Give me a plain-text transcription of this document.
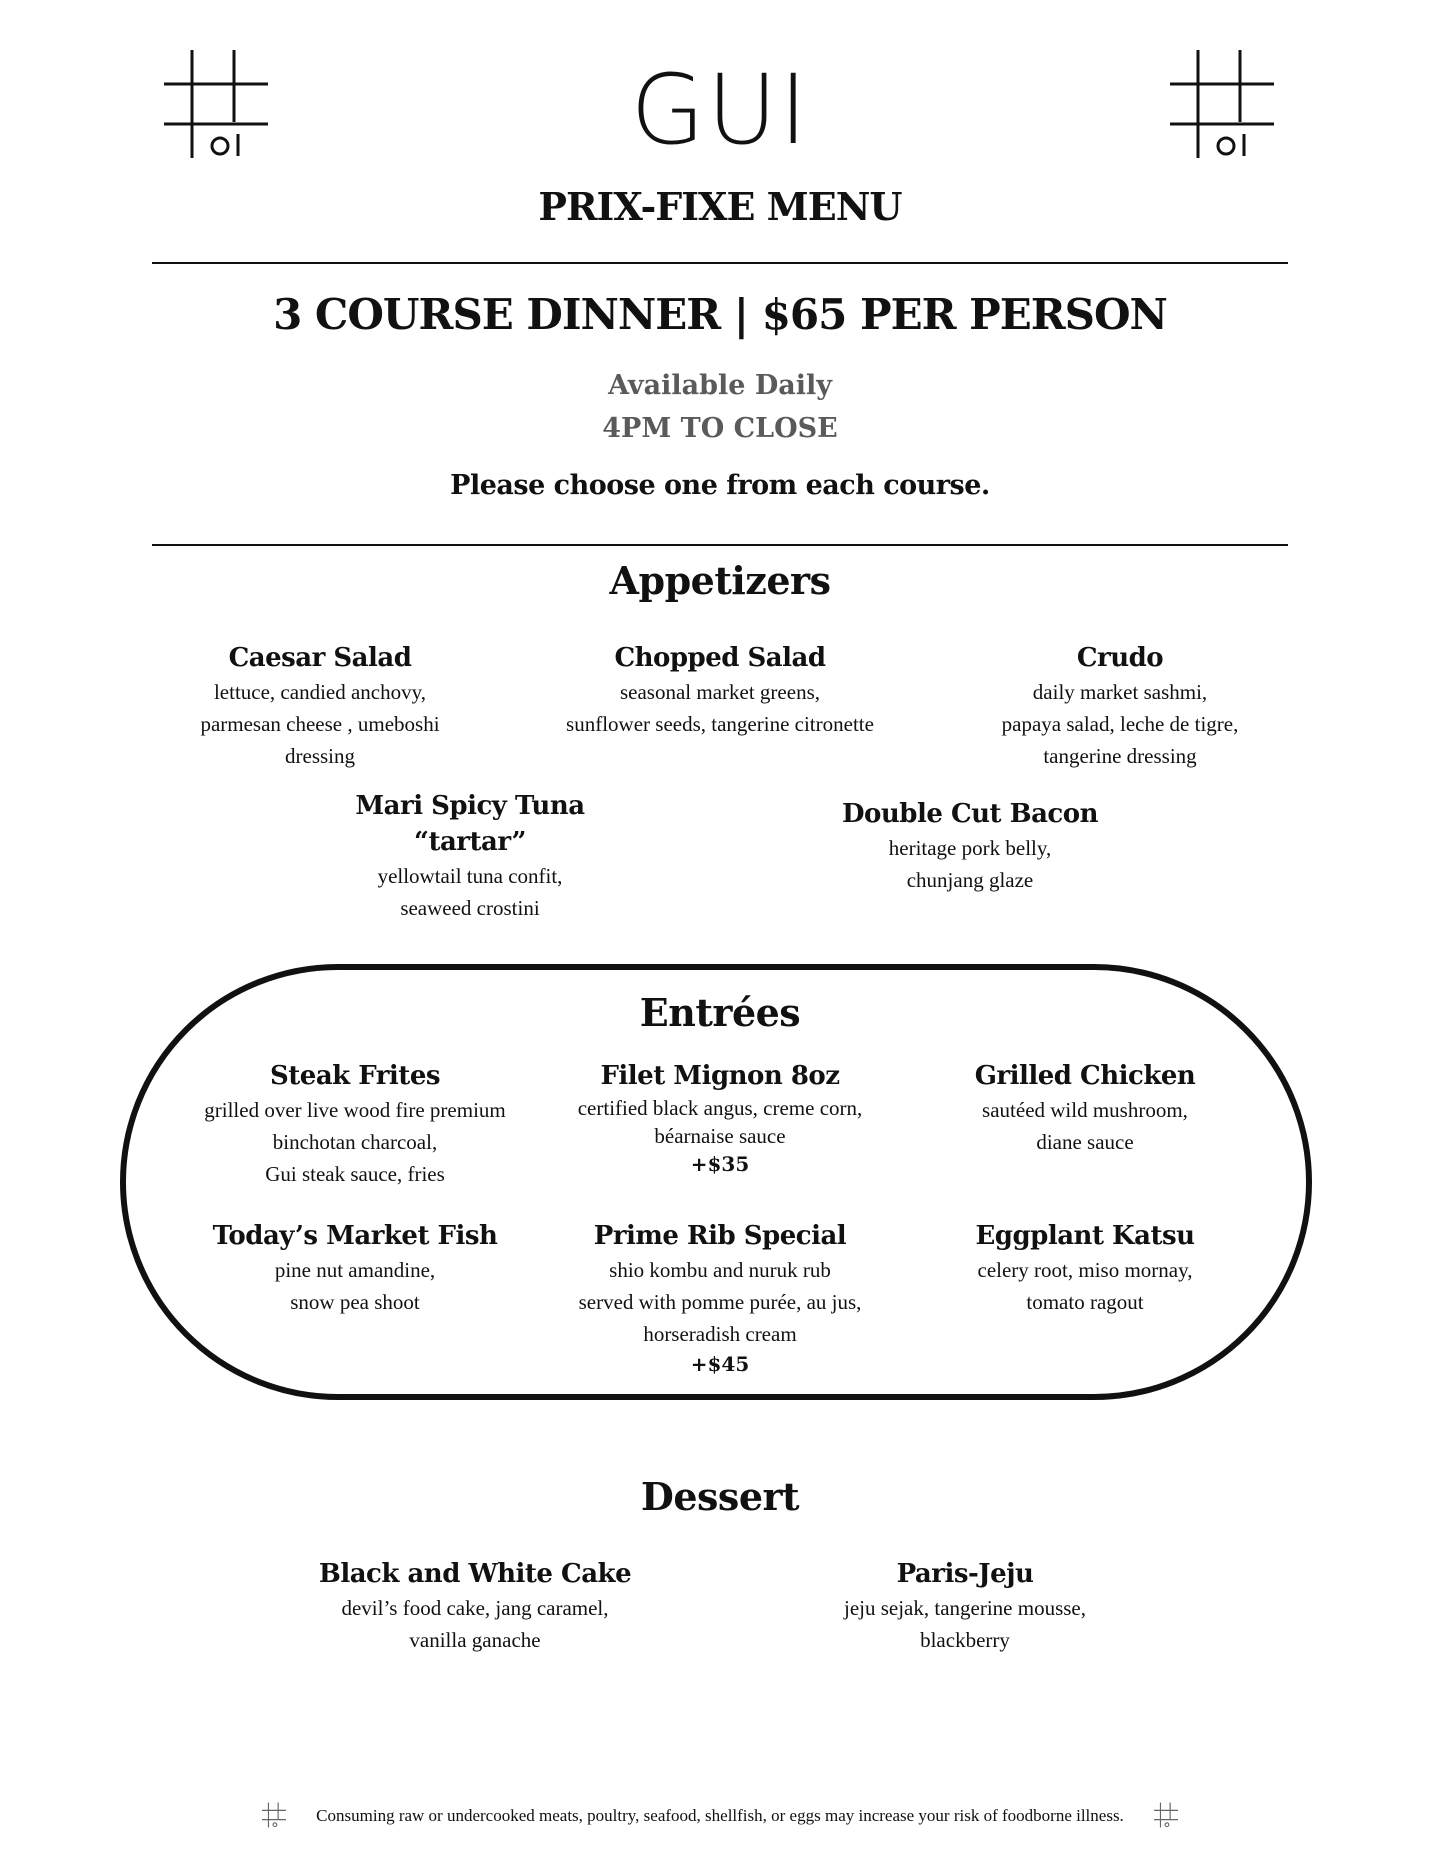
GUI
PRIX-FIXE MENU
3 COURSE DINNER | $65 PER PERSON
Available Daily
4PM TO CLOSE
Please choose one from each course.
Appetizers
Caesar Salad
lettuce, candied anchovy,
parmesan cheese , umeboshi
dressing
Chopped Salad
seasonal market greens,
sunflower seeds, tangerine citronette
Crudo
daily market sashmi,
papaya salad, leche de tigre,
tangerine dressing
Mari Spicy Tuna
“tartar”
yellowtail tuna confit,
seaweed crostini
Double Cut Bacon
heritage pork belly,
chunjang glaze
Entrées
Steak Frites
grilled over live wood fire premium
binchotan charcoal,
Gui steak sauce, fries
Filet Mignon 8oz
certified black angus, creme corn,
béarnaise sauce
+$35
Grilled Chicken
sautéed wild mushroom,
diane sauce
Today’s Market Fish
pine nut amandine,
snow pea shoot
Prime Rib Special
shio kombu and nuruk rub
served with pomme purée, au jus,
horseradish cream
+$45
Eggplant Katsu
celery root, miso mornay,
tomato ragout
Dessert
Black and White Cake
devil’s food cake, jang caramel,
vanilla ganache
Paris-Jeju
jeju sejak, tangerine mousse,
blackberry
Consuming raw or undercooked meats, poultry, seafood, shellfish, or eggs may increase your risk of foodborne illness.
